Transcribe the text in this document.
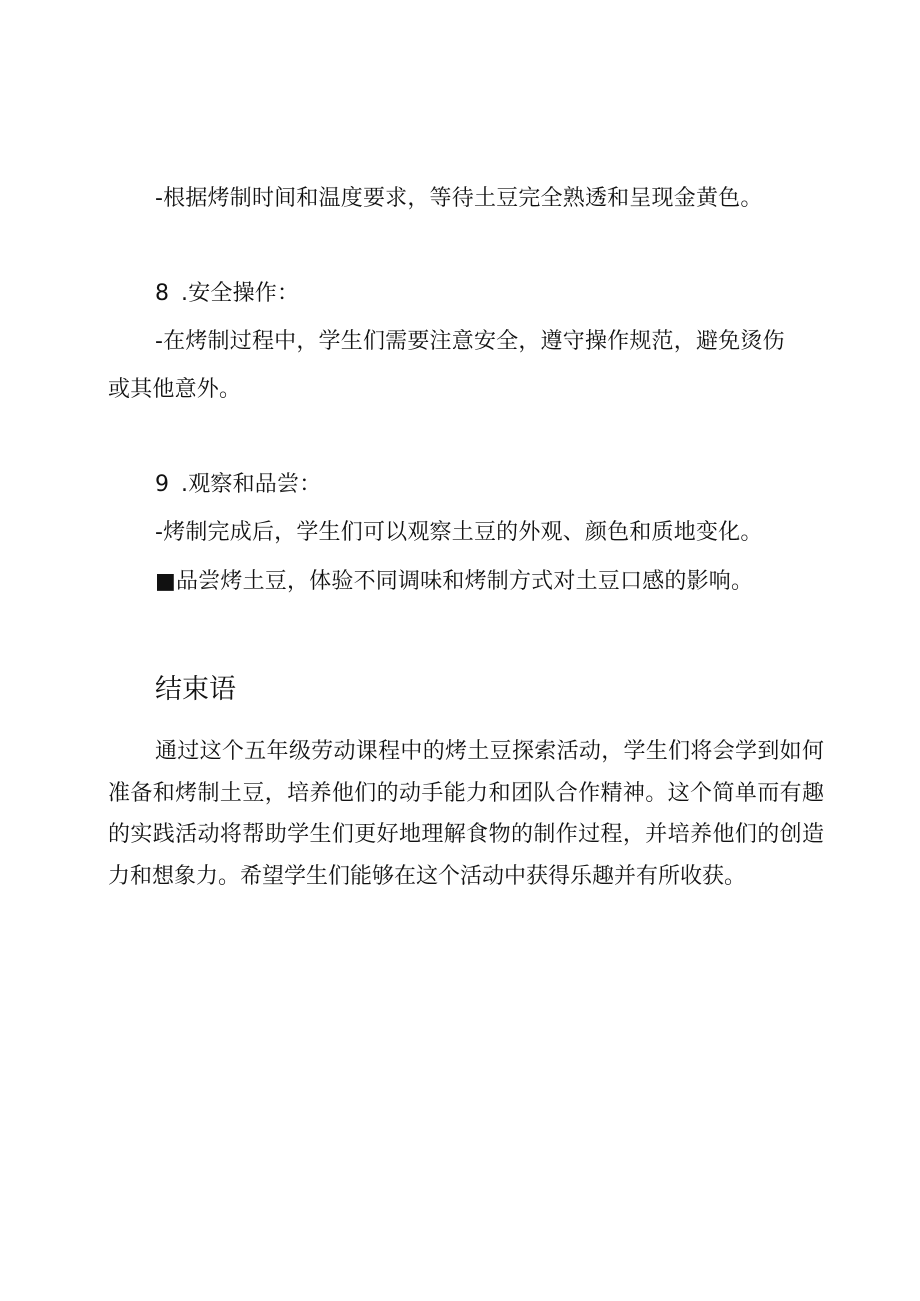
-根据烤制时间和温度要求，等待土豆完全熟透和呈现金黄色。
8 .安全操作：
-在烤制过程中，学生们需要注意安全，遵守操作规范，避免烫伤
或其他意外。
9 .观察和品尝：
-烤制完成后，学生们可以观察土豆的外观、颜色和质地变化。
■品尝烤土豆，体验不同调味和烤制方式对土豆口感的影响。
结束语

通过这个五年级劳动课程中的烤土豆探索活动，学生们将会学到如何准备和烤制土豆，培养他们的动手能力和团队合作精神。这个简单而有趣的实践活动将帮助学生们更好地理解食物的制作过程，并培养他们的创造力和想象力。希望学生们能够在这个活动中获得乐趣并有所收获。
